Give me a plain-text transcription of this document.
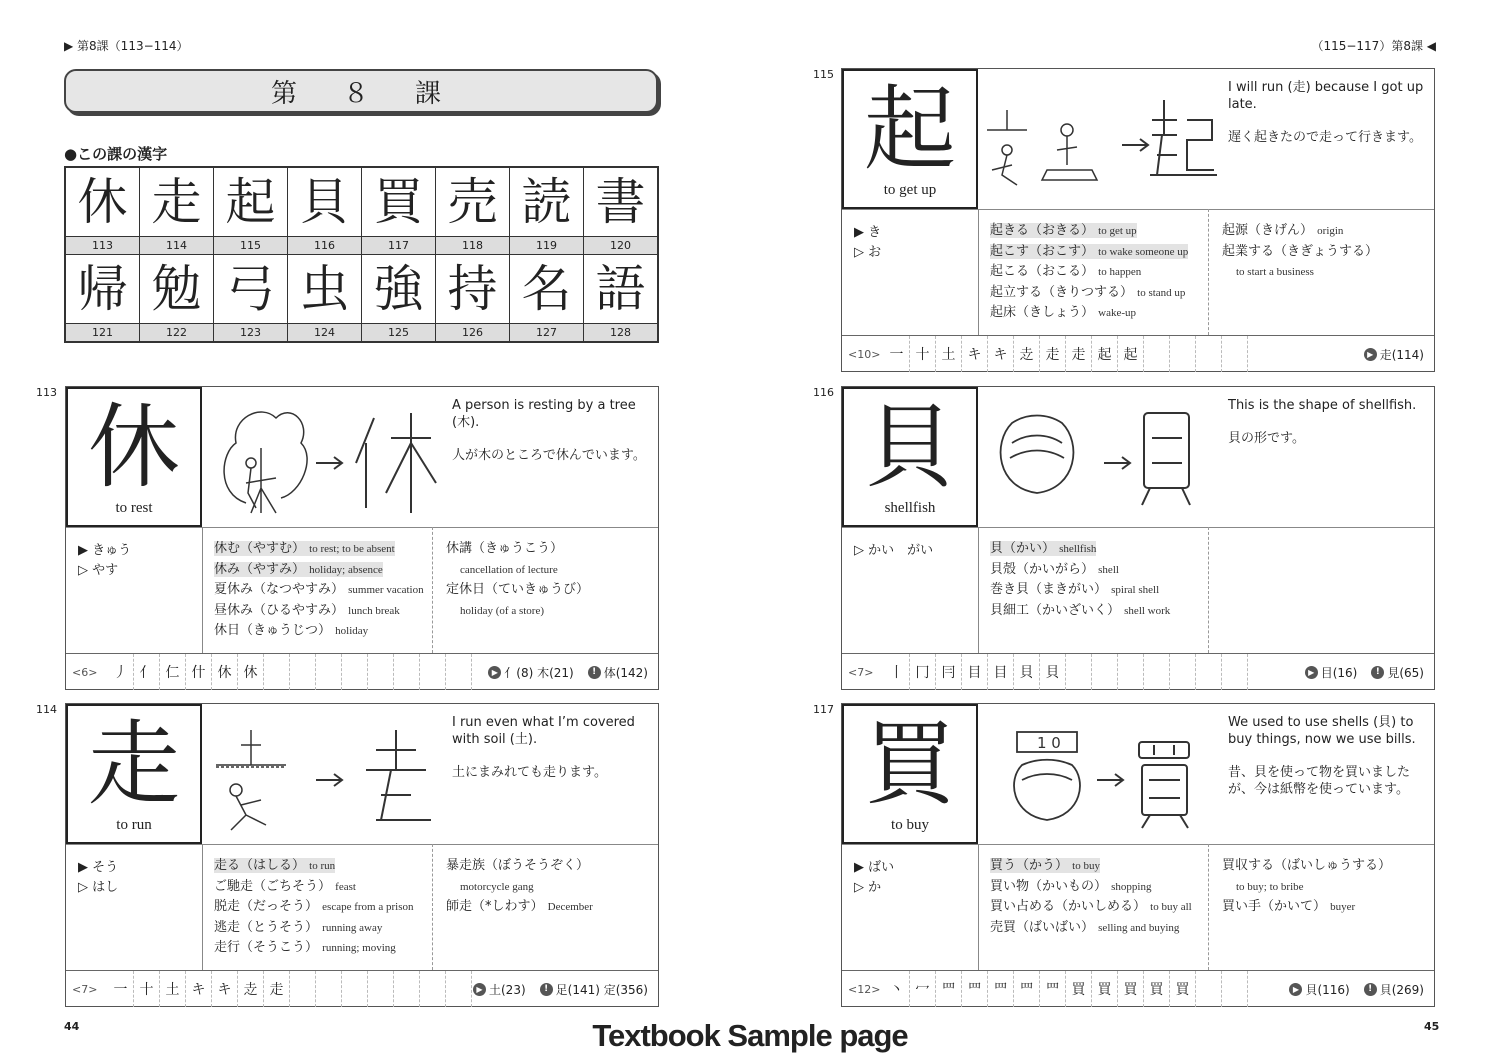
▶ 第8課（113−114）	（115−117）第8課 ◀
第　８　課
●この課の漢字
休	走	起	貝	買	売	読	書
113	114	115	116	117	118	119	120
帰	勉	弓	虫	強	持	名	語
121	122	123	124	125	126	127	128
113
休
to rest
A person is resting by a tree (木).
人が木のところで休んでいます。
▶ きゅう
▷ やす
休む（やすむ） to rest; to be absent
休み（やすみ） holiday; absence
夏休み（なつやすみ） summer vacation
昼休み（ひるやすみ） lunch break
休日（きゅうじつ） holiday
休講（きゅうこう）
cancellation of lecture
定休日（ていきゅうび）
holiday (of a store)
<6>	丿 亻 仁 什 休 休	▶ 亻(8) 木(21)	! 体(142)
114
走
to run
I run even what I’m covered with soil (土).
土にまみれても走ります。
▶ そう
▷ はし
走る（はしる） to run
ご馳走（ごちそう） feast
脱走（だっそう） escape from a prison
逃走（とうそう） running away
走行（そうこう） running; moving
暴走族（ぼうそうぞく）
motorcycle gang
師走（*しわす） December
<7>	一 十 土 キ キ 赱 走	▶ 土(23)	! 足(141) 定(356)
115
起
to get up
I will run (走) because I got up late.
遅く起きたので走って行きます。
▶ き
▷ お
起きる（おきる） to get up
起こす（おこす） to wake someone up
起こる（おこる） to happen
起立する（きりつする） to stand up
起床（きしょう） wake-up
起源（きげん） origin
起業する（きぎょうする）
to start a business
<10> 一 十 土 キ キ 赱 走 走 起 起	▶ 走(114)
116
貝
shellfish
This is the shape of shellfish.
貝の形です。
▷ かい　がい	貝（かい） shellfish
貝殻（かいがら） shell
巻き貝（まきがい） spiral shell
貝細工（かいざいく） shell work
<7>	丨 冂 冃 目 目 貝 貝	▶ 目(16)	! 見(65)
117
買
to buy
1 0
We used to use shells (貝) to buy things, now we use bills.
昔、貝を使って物を買いましたが、今は紙幣を使っています。
▶ ばい
▷ か
買う（かう） to buy
買い物（かいもの） shopping
買い占める（かいしめる） to buy all
売買（ばいばい） selling and buying
買収する（ばいしゅうする）
to buy; to bribe
買い手（かいて） buyer
<12> 丶 冖 罒 罒 罒 罒 罒 買 買 買 買 買	▶ 貝(116)	! 貝(269)
44	45
Textbook Sample page
